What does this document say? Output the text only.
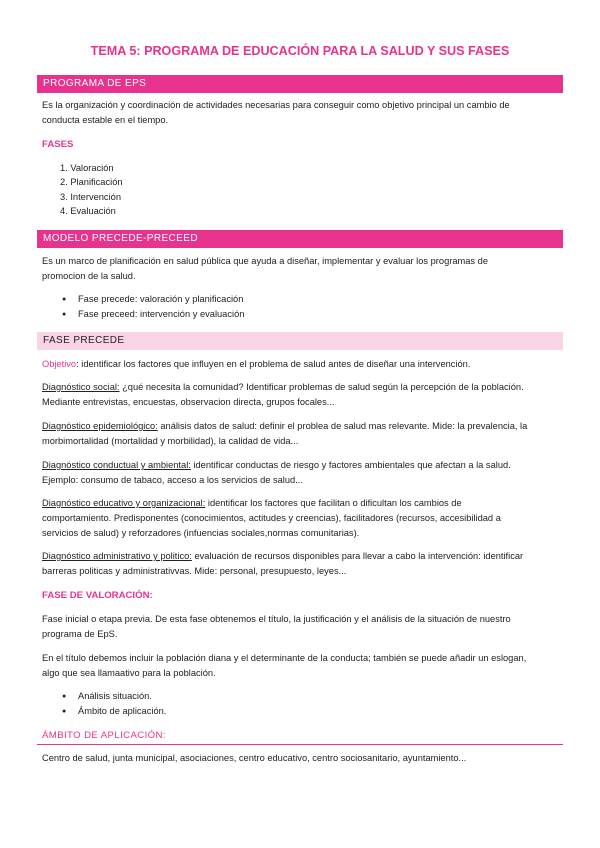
TEMA 5: PROGRAMA DE EDUCACIÓN PARA LA SALUD Y SUS FASES
PROGRAMA DE EPS
Es la organización y coordinación de actividades necesarias para conseguir como objetivo principal un cambio de
conducta estable en el tiempo.
FASES
1. Valoración
2. Planificación
3. Intervención
4. Evaluación
MODELO PRECEDE-PRECEED
Es un marco de planificación en salud pública que ayuda a diseñar, implementar y evaluar los programas de
promocion de la salud.
● Fase precede: valoración y planificación
● Fase preceed: intervención y evaluación
FASE PRECEDE
Objetivo: identificar los factores que influyen en el problema de salud antes de diseñar una intervención.
Diagnóstico social: ¿qué necesita la comunidad? Identificar problemas de salud según la percepción de la población.
Mediante entrevistas, encuestas, observacion directa, grupos focales...
Diagnóstico epidemiológico: análisis datos de salud: definir el problea de salud mas relevante. Mide: la prevalencia, la
morbimortalidad (mortalidad y morbilidad), la calidad de vida...
Diagnóstico conductual y ambiental: identificar conductas de riesgo y factores ambientales que afectan a la salud.
Ejemplo: consumo de tabaco, acceso a los servicios de salud...
Diagnóstico educativo y organizacional: identificar los factores que facilitan o dificultan los cambios de
comportamiento. Predisponentes (conocimientos, actitudes y creencias), facilitadores (recursos, accesibilidad a
servicios de salud) y reforzadores (infuencias sociales,normas comunitarias).
Diagnóstico administrativo y politico: evaluación de recursos disponibles para llevar a cabo la intervención: identificar
barreras politicas y administrativvas. Mide: personal, presupuesto, leyes...
FASE DE VALORACIÓN:
Fase inicial o etapa previa. De esta fase obtenemos el título, la justificación y el análisis de la situación de nuestro
programa de EpS.
En el título debemos incluir la población diana y el determinante de la conducta; también se puede añadir un eslogan,
algo que sea llamaativo para la población.
● Análisis situación.
● Ámbito de aplicación.
ÁMBITO DE APLICACIÓN:
Centro de salud, junta municipal, asociaciones, centro educativo, centro sociosanitario, ayuntamiento...
